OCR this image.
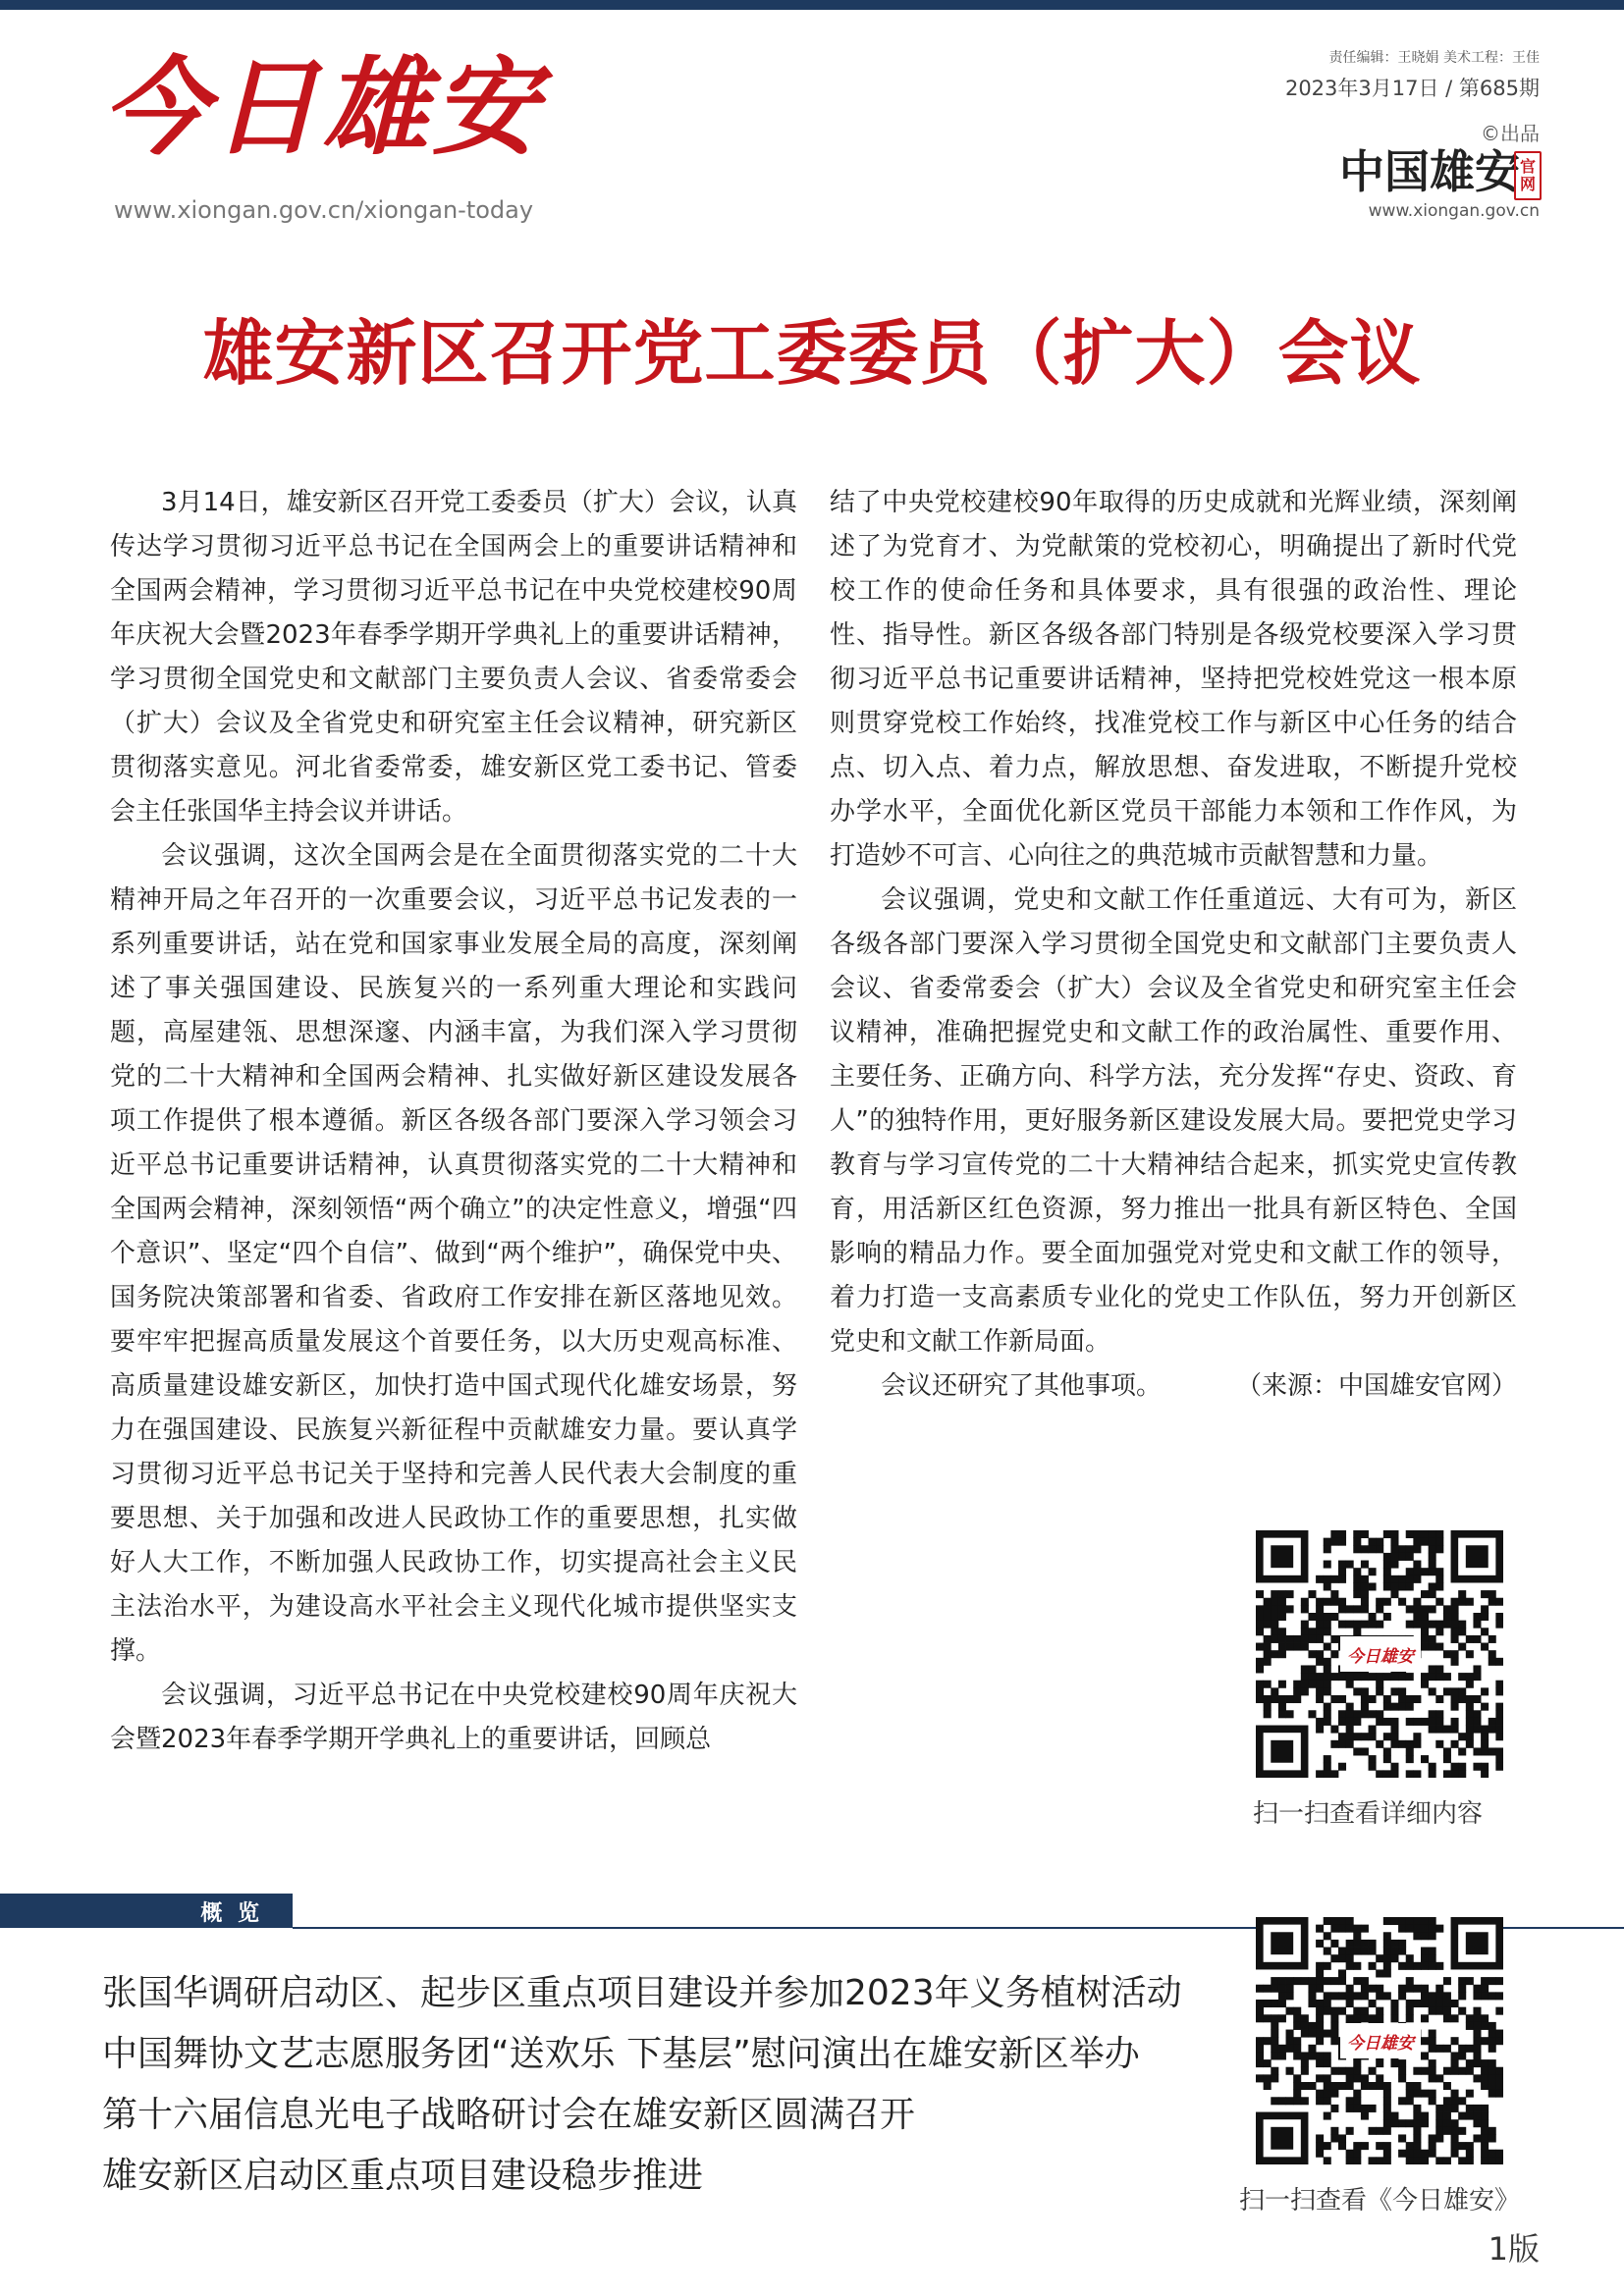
今日雄安
www.xiongan.gov.cn/xiongan-today
责任编辑：王晓娟 美术工程：王佳
2023年3月17日 / 第685期
©出品
中国雄安 官网
www.xiongan.gov.cn
雄安新区召开党工委委员（扩大）会议

3月14日，雄安新区召开党工委委员（扩大）会议，认真传达学习贯彻习近平总书记在全国两会上的重要讲话精神和全国两会精神，学习贯彻习近平总书记在中央党校建校90周年庆祝大会暨2023年春季学期开学典礼上的重要讲话精神，学习贯彻全国党史和文献部门主要负责人会议、省委常委会（扩大）会议及全省党史和研究室主任会议精神，研究新区贯彻落实意见。河北省委常委，雄安新区党工委书记、管委会主任张国华主持会议并讲话。

会议强调，这次全国两会是在全面贯彻落实党的二十大精神开局之年召开的一次重要会议，习近平总书记发表的一系列重要讲话，站在党和国家事业发展全局的高度，深刻阐述了事关强国建设、民族复兴的一系列重大理论和实践问题，高屋建瓴、思想深邃、内涵丰富，为我们深入学习贯彻党的二十大精神和全国两会精神、扎实做好新区建设发展各项工作提供了根本遵循。新区各级各部门要深入学习领会习近平总书记重要讲话精神，认真贯彻落实党的二十大精神和全国两会精神，深刻领悟“两个确立”的决定性意义，增强“四个意识”、坚定“四个自信”、做到“两个维护”，确保党中央、国务院决策部署和省委、省政府工作安排在新区落地见效。要牢牢把握高质量发展这个首要任务，以大历史观高标准、高质量建设雄安新区，加快打造中国式现代化雄安场景，努力在强国建设、民族复兴新征程中贡献雄安力量。要认真学习贯彻习近平总书记关于坚持和完善人民代表大会制度的重要思想、关于加强和改进人民政协工作的重要思想，扎实做好人大工作，不断加强人民政协工作，切实提高社会主义民主法治水平，为建设高水平社会主义现代化城市提供坚实支撑。

会议强调，习近平总书记在中央党校建校90周年庆祝大会暨2023年春季学期开学典礼上的重要讲话，回顾总

结了中央党校建校90年取得的历史成就和光辉业绩，深刻阐述了为党育才、为党献策的党校初心，明确提出了新时代党校工作的使命任务和具体要求，具有很强的政治性、理论性、指导性。新区各级各部门特别是各级党校要深入学习贯彻习近平总书记重要讲话精神，坚持把党校姓党这一根本原则贯穿党校工作始终，找准党校工作与新区中心任务的结合点、切入点、着力点，解放思想、奋发进取，不断提升党校办学水平，全面优化新区党员干部能力本领和工作作风，为打造妙不可言、心向往之的典范城市贡献智慧和力量。

会议强调，党史和文献工作任重道远、大有可为，新区各级各部门要深入学习贯彻全国党史和文献部门主要负责人会议、省委常委会（扩大）会议及全省党史和研究室主任会议精神，准确把握党史和文献工作的政治属性、重要作用、主要任务、正确方向、科学方法，充分发挥“存史、资政、育人”的独特作用，更好服务新区建设发展大局。要把党史学习教育与学习宣传党的二十大精神结合起来，抓实党史宣传教育，用活新区红色资源，努力推出一批具有新区特色、全国影响的精品力作。要全面加强党对党史和文献工作的领导，着力打造一支高素质专业化的党史工作队伍，努力开创新区党史和文献工作新局面。

会议还研究了其他事项。	（来源：中国雄安官网）

今日雄安
扫一扫查看详细内容
概 览
张国华调研启动区、起步区重点项目建设并参加2023年义务植树活动
中国舞协文艺志愿服务团“送欢乐 下基层”慰问演出在雄安新区举办
第十六届信息光电子战略研讨会在雄安新区圆满召开
雄安新区启动区重点项目建设稳步推进
今日雄安
扫一扫查看《今日雄安》
1版
